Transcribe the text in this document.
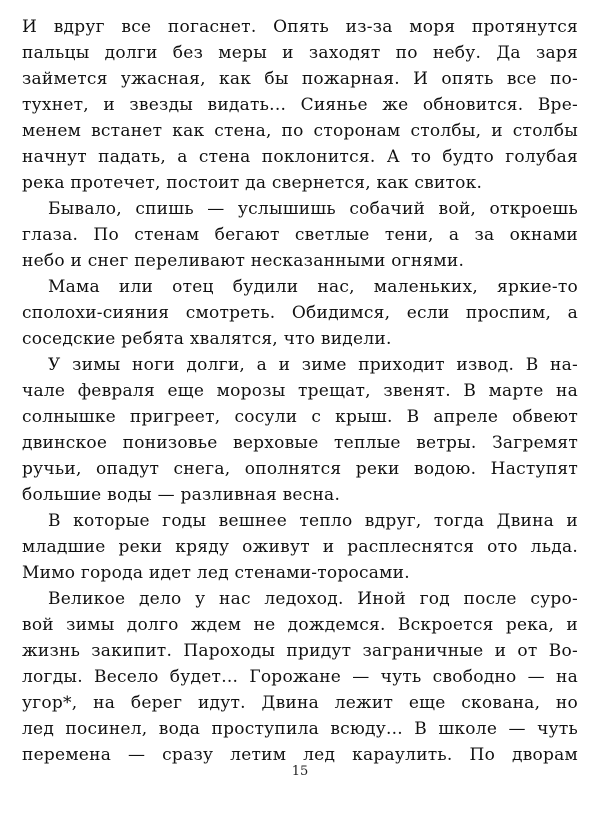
И вдруг все погаснет. Опять из-за моря протянутся
пальцы долги без меры и заходят по небу. Да заря
займется ужасная, как бы пожарная. И опять все по-
тухнет, и звезды видать... Сиянье же обновится. Вре-
менем встанет как стена, по сторонам столбы, и столбы
начнут падать, а стена поклонится. А то будто голубая
река протечет, постоит да свернется, как свиток.
Бывало, спишь — услышишь собачий вой, откроешь
глаза. По стенам бегают светлые тени, а за окнами
небо и снег переливают несказанными огнями.
Мама или отец будили нас, маленьких, яркие-то
сполохи-сияния смотреть. Обидимся, если проспим, а
соседские ребята хвалятся, что видели.
У зимы ноги долги, а и зиме приходит извод. В на-
чале февраля еще морозы трещат, звенят. В марте на
солнышке пригреет, сосули с крыш. В апреле обвеют
двинское понизовье верховые теплые ветры. Загремят
ручьи, опадут снега, ополнятся реки водою. Наступят
большие воды — разливная весна.
В которые годы вешнее тепло вдруг, тогда Двина и
младшие реки кряду оживут и расплеснятся ото льда.
Мимо города идет лед стенами-торосами.
Великое дело у нас ледоход. Иной год после суро-
вой зимы долго ждем не дождемся. Вскроется река, и
жизнь закипит. Пароходы придут заграничные и от Во-
логды. Весело будет... Горожане — чуть свободно — на
угор*, на берег идут. Двина лежит еще скована, но
лед посинел, вода проступила всюду... В школе — чуть
перемена — сразу летим лед караулить. По дворам
15
